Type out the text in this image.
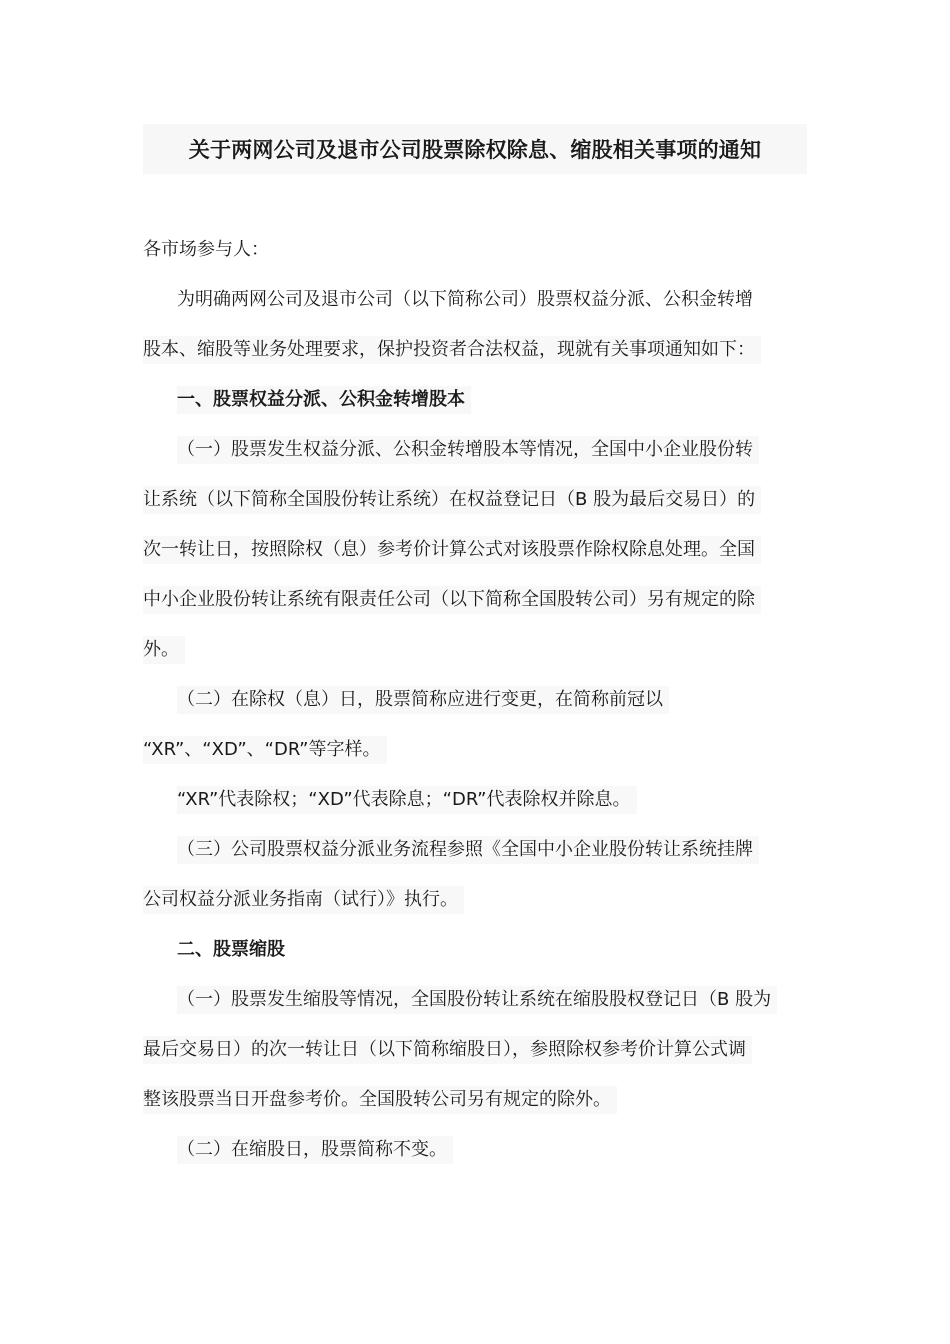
关于两网公司及退市公司股票除权除息、缩股相关事项的通知
各市场参与人：
为明确两网公司及退市公司（以下简称公司）股票权益分派、公积金转增
股本、缩股等业务处理要求，保护投资者合法权益，现就有关事项通知如下：
一、股票权益分派、公积金转增股本
（一）股票发生权益分派、公积金转增股本等情况，全国中小企业股份转
让系统（以下简称全国股份转让系统）在权益登记日（B 股为最后交易日）的
次一转让日，按照除权（息）参考价计算公式对该股票作除权除息处理。全国
中小企业股份转让系统有限责任公司（以下简称全国股转公司）另有规定的除
外。
（二）在除权（息）日，股票简称应进行变更，在简称前冠以
“XR”、“XD”、“DR”等字样。
“XR”代表除权；“XD”代表除息；“DR”代表除权并除息。
（三）公司股票权益分派业务流程参照《全国中小企业股份转让系统挂牌
公司权益分派业务指南（试行）》执行。
二、股票缩股
（一）股票发生缩股等情况，全国股份转让系统在缩股股权登记日（B 股为
最后交易日）的次一转让日（以下简称缩股日），参照除权参考价计算公式调
整该股票当日开盘参考价。全国股转公司另有规定的除外。
（二）在缩股日，股票简称不变。
